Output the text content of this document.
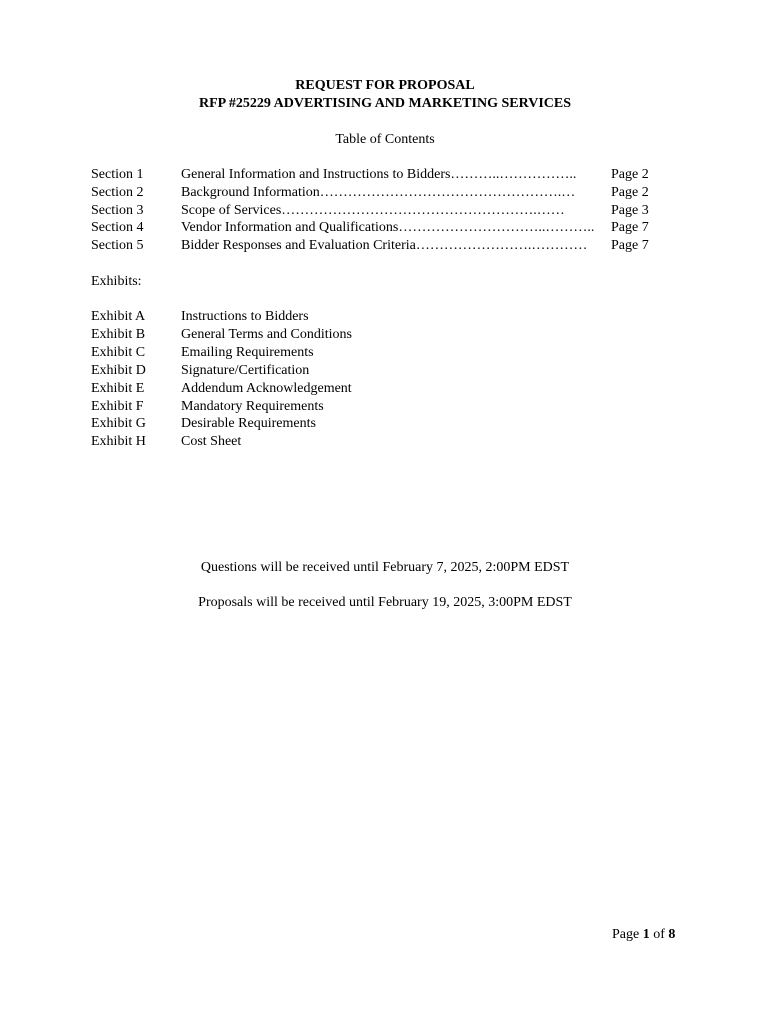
REQUEST FOR PROPOSAL
RFP #25229 ADVERTISING AND MARKETING SERVICES
Table of Contents
Section 1	General Information and Instructions to Bidders………..…………….. Page 2
Section 2	Background Information…………………………………………….…	Page 2
Section 3	Scope of Services……………………………………………….……	Page 3
Section 4	Vendor Information and Qualifications…………………………..……….. Page 7
Section 5	Bidder Responses and Evaluation Criteria…………………….………… Page 7
Exhibits:
Exhibit A	Instructions to Bidders
Exhibit B	General Terms and Conditions
Exhibit C	Emailing Requirements
Exhibit D	Signature/Certification
Exhibit E	Addendum Acknowledgement
Exhibit F	Mandatory Requirements
Exhibit G	Desirable Requirements
Exhibit H	Cost Sheet
Questions will be received until February 7, 2025, 2:00PM EDST
Proposals will be received until February 19, 2025, 3:00PM EDST
Page 1 of 8
